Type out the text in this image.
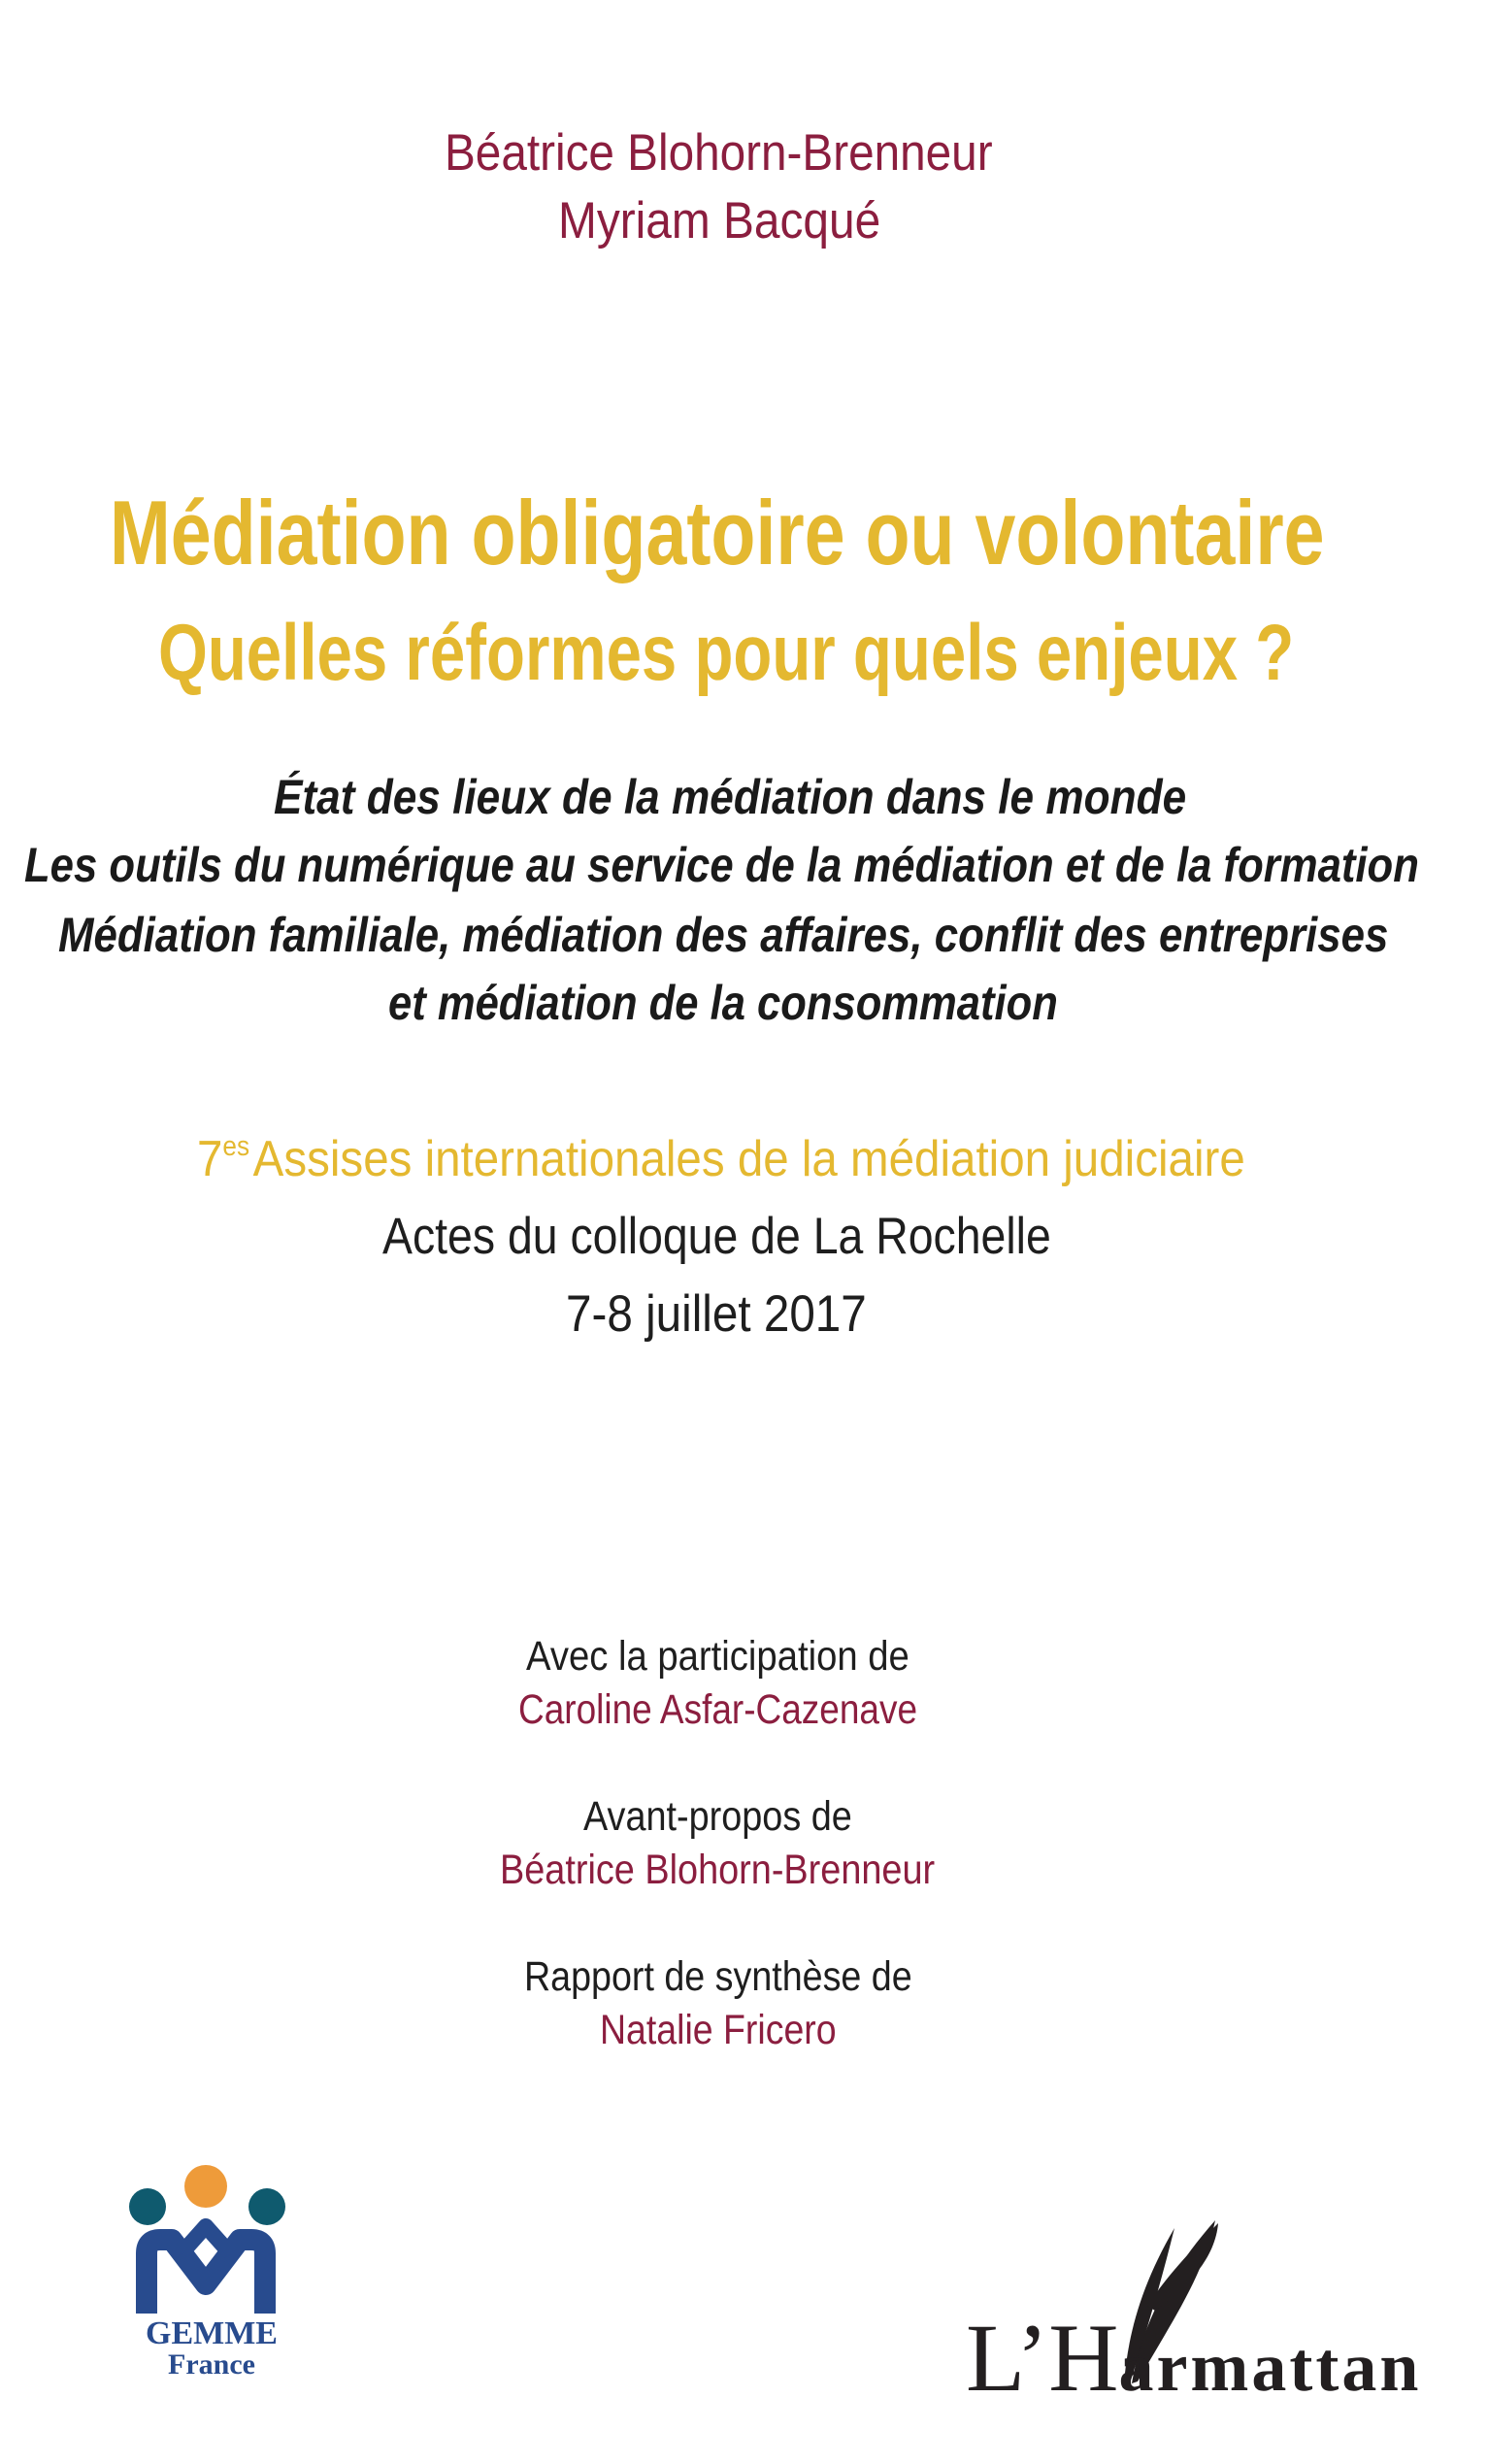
Béatrice Blohorn-Brenneur
Myriam Bacqué
Médiation obligatoire ou volontaire
Quelles réformes pour quels enjeux ?
État des lieux de la médiation dans le monde
Les outils du numérique au service de la médiation et de la formation
Médiation familiale, médiation des affaires, conflit des entreprises
et médiation de la consommation
$7^{es}Assises$ internationales de la médiation judiciaire
Actes du colloque de La Rochelle
7-8 juillet 2017
Avec la participation de
Caroline Asfar-Cazenave
Avant-propos de
Béatrice Blohorn-Brenneur
Rapport de synthèse de
Natalie Fricero
GEMME
France	L’Harmattan
